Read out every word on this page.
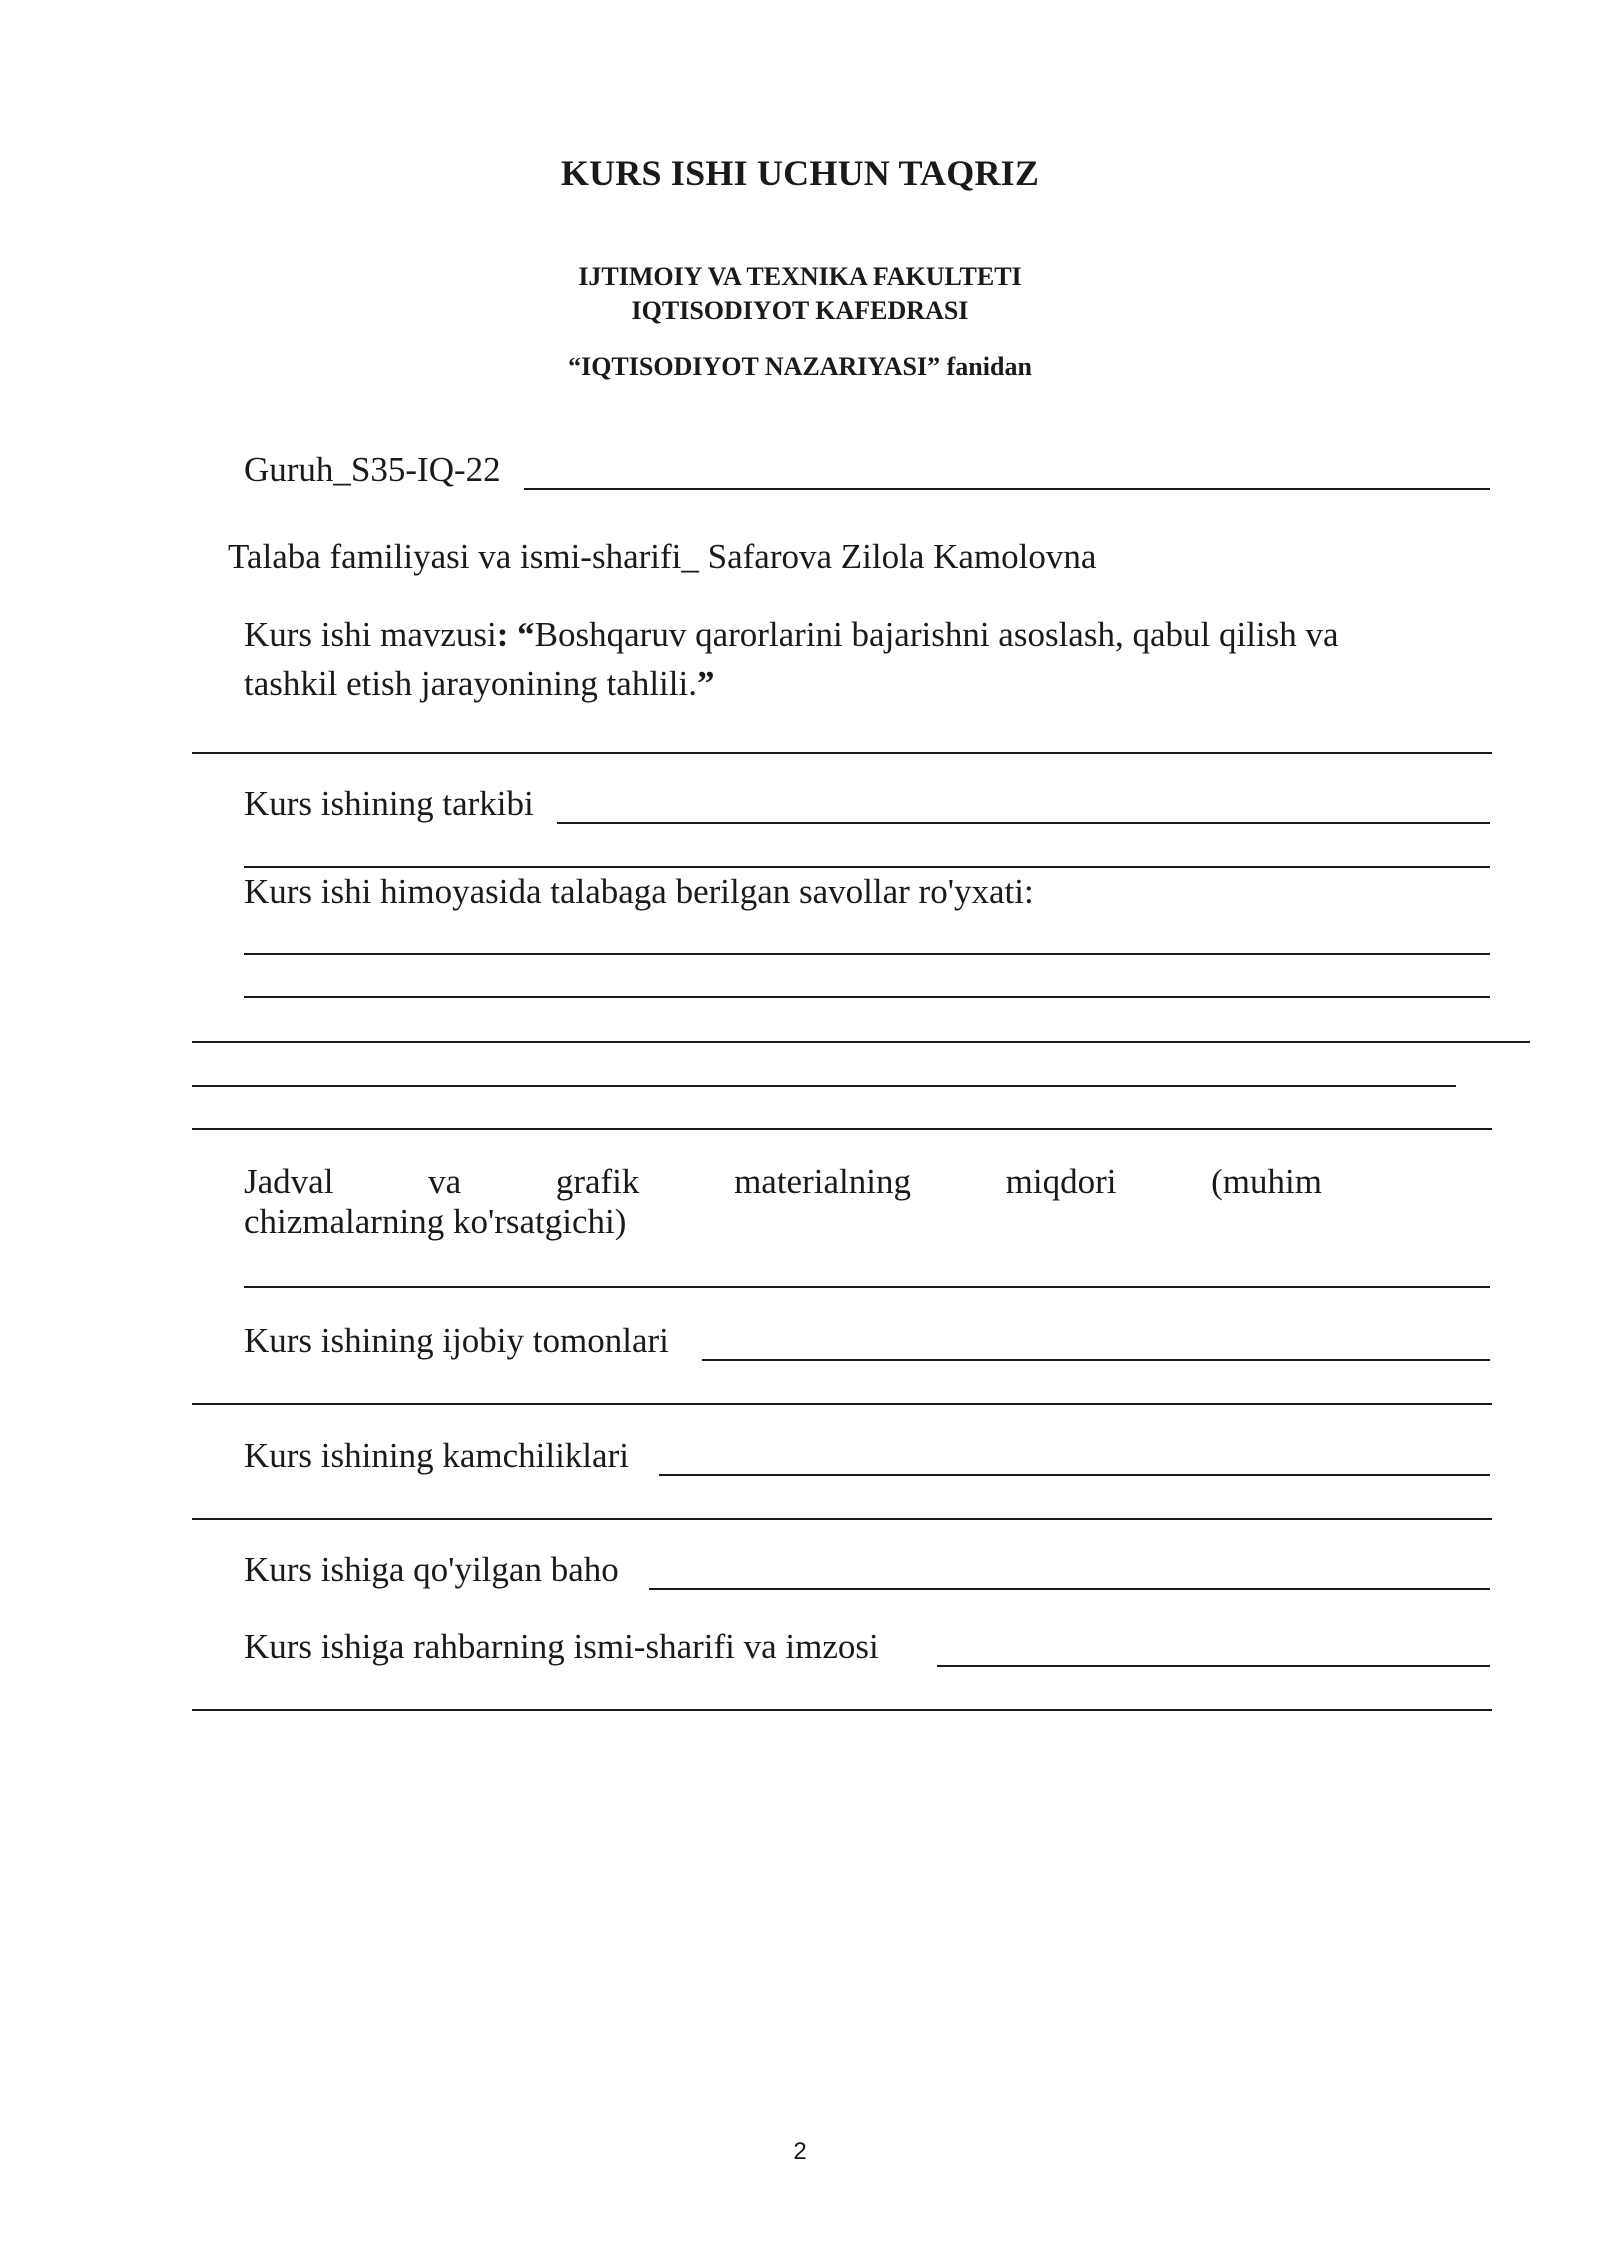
KURS ISHI UCHUN TAQRIZ
IJTIMOIY VA TEXNIKA FAKULTETI
IQTISODIYOT KAFEDRASI
“IQTISODIYOT NAZARIYASI” fanidan
Guruh_S35-IQ-22
Talaba familiyasi va ismi-sharifi_ Safarova Zilola Kamolovna
Kurs ishi mavzusi: “Boshqaruv qarorlarini bajarishni asoslash, qabul qilish va
tashkil etish jarayonining tahlili.”
Kurs ishining tarkibi
Kurs ishi himoyasida talabaga berilgan savollar ro'yxati:
Jadval	va	grafik	materialning	miqdori	(muhim
chizmalarning ko'rsatgichi)
Kurs ishining ijobiy tomonlari
Kurs ishining kamchiliklari
Kurs ishiga qo'yilgan baho
Kurs ishiga rahbarning ismi-sharifi va imzosi
2
